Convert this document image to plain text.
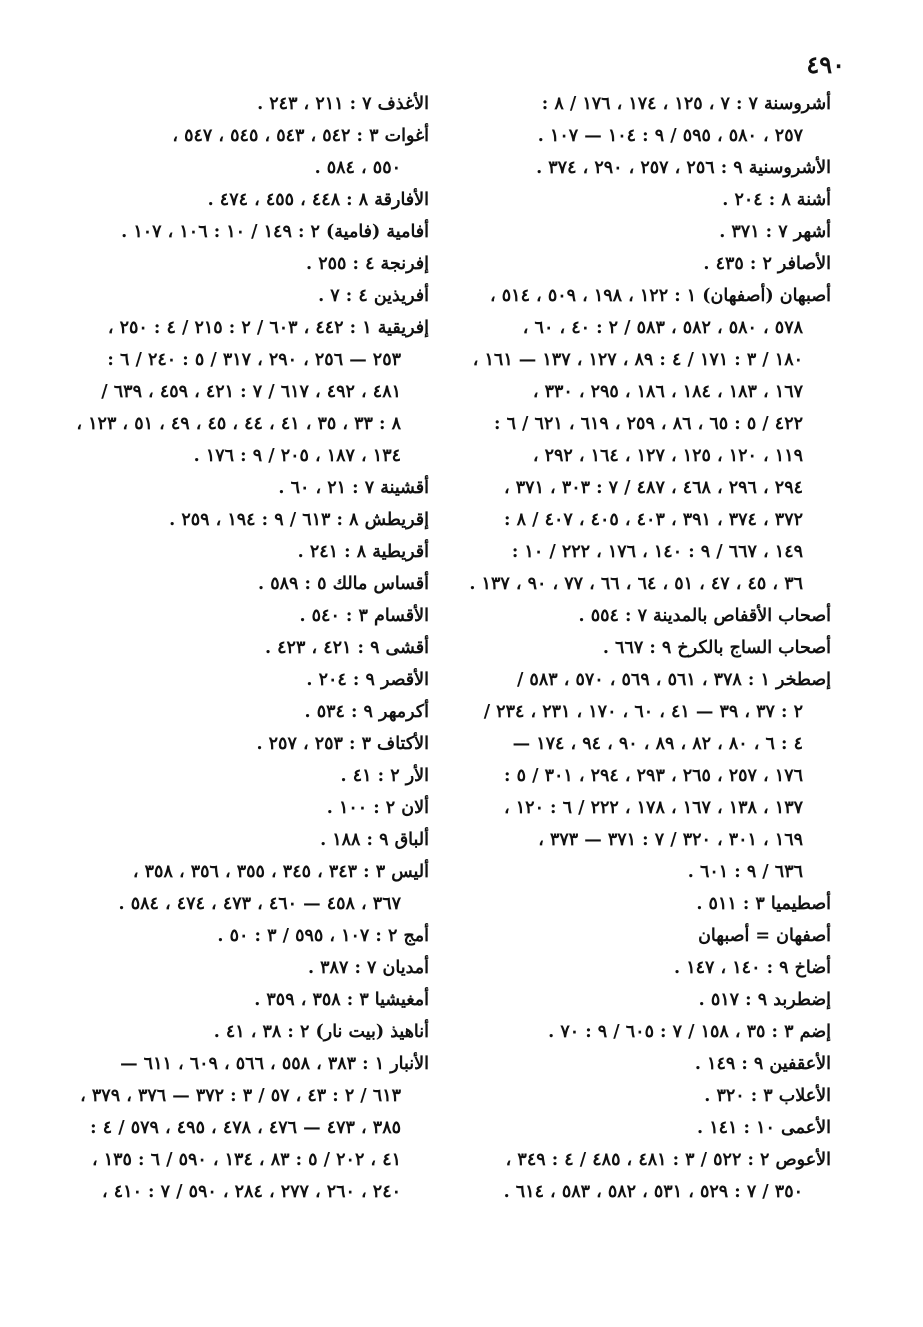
٤٩٠
أشروسنة ٧ : ٧ ، ١٢٥ ، ١٧٤ ، ١٧٦ / ٨ :
٢٥٧ ، ٥٨٠ ، ٥٩٥ / ٩ : ١٠٤ — ١٠٧ .
الأشروسنية ٩ : ٢٥٦ ، ٢٥٧ ، ٢٩٠ ، ٣٧٤ .
أشنة ٨ : ٢٠٤ .
أشهر ٧ : ٣٧١ .
الأصافر ٢ : ٤٣٥ .
أصبهان (أصفهان) ١ : ١٢٢ ، ١٩٨ ، ٥٠٩ ، ٥١٤ ،
٥٧٨ ، ٥٨٠ ، ٥٨٢ ، ٥٨٣ / ٢ : ٤٠ ، ٦٠ ،
١٨٠ / ٣ : ١٧١ / ٤ : ٨٩ ، ١٢٧ ، ١٣٧ — ١٦١ ،
١٦٧ ، ١٨٣ ، ١٨٤ ، ١٨٦ ، ٢٩٥ ، ٣٣٠ ،
٤٢٢ / ٥ : ٦٥ ، ٨٦ ، ٢٥٩ ، ٦١٩ ، ٦٢١ / ٦ :
١١٩ ، ١٢٠ ، ١٢٥ ، ١٢٧ ، ١٦٤ ، ٢٩٢ ،
٢٩٤ ، ٢٩٦ ، ٤٦٨ ، ٤٨٧ / ٧ : ٣٠٣ ، ٣٧١ ،
٣٧٢ ، ٣٧٤ ، ٣٩١ ، ٤٠٣ ، ٤٠٥ ، ٤٠٧ / ٨ :
١٤٩ ، ٦٦٧ / ٩ : ١٤٠ ، ١٧٦ ، ٢٢٢ / ١٠ :
٣٦ ، ٤٥ ، ٤٧ ، ٥١ ، ٦٤ ، ٦٦ ، ٧٧ ، ٩٠ ، ١٣٧ .
أصحاب الأقفاص بالمدينة ٧ : ٥٥٤ .
أصحاب الساج بالكرخ ٩ : ٦٦٧ .
إصطخر ١ : ٣٧٨ ، ٥٦١ ، ٥٦٩ ، ٥٧٠ ، ٥٨٣ /
٢ : ٣٧ ، ٣٩ — ٤١ ، ٦٠ ، ١٧٠ ، ٢٣١ ، ٢٣٤ /
٤ : ٦ ، ٨٠ ، ٨٢ ، ٨٩ ، ٩٠ ، ٩٤ ، ١٧٤ —
١٧٦ ، ٢٥٧ ، ٢٦٥ ، ٢٩٣ ، ٢٩٤ ، ٣٠١ / ٥ :
١٣٧ ، ١٣٨ ، ١٦٧ ، ١٧٨ ، ٢٢٢ / ٦ : ١٢٠ ،
١٦٩ ، ٣٠١ ، ٣٢٠ / ٧ : ٣٧١ — ٣٧٣ ،
٦٣٦ / ٩ : ٦٠١ .
أصطيميا ٣ : ٥١١ .
أصفهان = أصبهان
أضاخ ٩ : ١٤٠ ، ١٤٧ .
إضطربد ٩ : ٥١٧ .
إضم ٣ : ٣٥ ، ١٥٨ / ٧ : ٦٠٥ / ٩ : ٧٠ .
الأعقفين ٩ : ١٤٩ .
الأعلاب ٣ : ٣٢٠ .
الأعمى ١٠ : ١٤١ .
الأعوص ٢ : ٥٢٢ / ٣ : ٤٨١ ، ٤٨٥ / ٤ : ٣٤٩ ،
٣٥٠ / ٧ : ٥٢٩ ، ٥٣١ ، ٥٨٢ ، ٥٨٣ ، ٦١٤ .
الأغذف ٧ : ٢١١ ، ٢٤٣ .
أغوات ٣ : ٥٤٢ ، ٥٤٣ ، ٥٤٥ ، ٥٤٧ ،
٥٥٠ ، ٥٨٤ .
الأفارقة ٨ : ٤٤٨ ، ٤٥٥ ، ٤٧٤ .
أفامية (فامية) ٢ : ١٤٩ / ١٠ : ١٠٦ ، ١٠٧ .
إفرنجة ٤ : ٢٥٥ .
أفريذين ٤ : ٧ .
إفريقية ١ : ٤٤٢ ، ٦٠٣ / ٢ : ٢١٥ / ٤ : ٢٥٠ ،
٢٥٣ — ٢٥٦ ، ٢٩٠ ، ٣١٧ / ٥ : ٢٤٠ / ٦ :
٤٨١ ، ٤٩٢ ، ٦١٧ / ٧ : ٤٢١ ، ٤٥٩ ، ٦٣٩ /
٨ : ٣٣ ، ٣٥ ، ٤١ ، ٤٤ ، ٤٥ ، ٤٩ ، ٥١ ، ١٢٣ ،
١٣٤ ، ١٨٧ ، ٢٠٥ / ٩ : ١٧٦ .
أقشينة ٧ : ٢١ ، ٦٠ .
إقريطش ٨ : ٦١٣ / ٩ : ١٩٤ ، ٢٥٩ .
أقريطية ٨ : ٢٤١ .
أقساس مالك ٥ : ٥٨٩ .
الأقسام ٣ : ٥٤٠ .
أقشى ٩ : ٤٢١ ، ٤٢٣ .
الأقصر ٩ : ٢٠٤ .
أكرمهر ٩ : ٥٣٤ .
الأكتاف ٣ : ٢٥٣ ، ٢٥٧ .
الأر ٢ : ٤١ .
ألان ٢ : ١٠٠ .
ألباق ٩ : ١٨٨ .
أليس ٣ : ٣٤٣ ، ٣٤٥ ، ٣٥٥ ، ٣٥٦ ، ٣٥٨ ،
٣٦٧ ، ٤٥٨ — ٤٦٠ ، ٤٧٣ ، ٤٧٤ ، ٥٨٤ .
أمج ٢ : ١٠٧ ، ٥٩٥ / ٣ : ٥٠ .
أمديان ٧ : ٣٨٧ .
أمغيشيا ٣ : ٣٥٨ ، ٣٥٩ .
أناهيذ (بيت نار) ٢ : ٣٨ ، ٤١ .
الأنبار ١ : ٣٨٣ ، ٥٥٨ ، ٥٦٦ ، ٦٠٩ ، ٦١١ —
٦١٣ / ٢ : ٤٣ ، ٥٧ / ٣ : ٣٧٢ — ٣٧٦ ، ٣٧٩ ،
٣٨٥ ، ٤٧٣ — ٤٧٦ ، ٤٧٨ ، ٤٩٥ ، ٥٧٩ / ٤ :
٤١ ، ٢٠٢ / ٥ : ٨٣ ، ١٣٤ ، ٥٩٠ / ٦ : ١٣٥ ،
٢٤٠ ، ٢٦٠ ، ٢٧٧ ، ٢٨٤ ، ٥٩٠ / ٧ : ٤١٠ ،
